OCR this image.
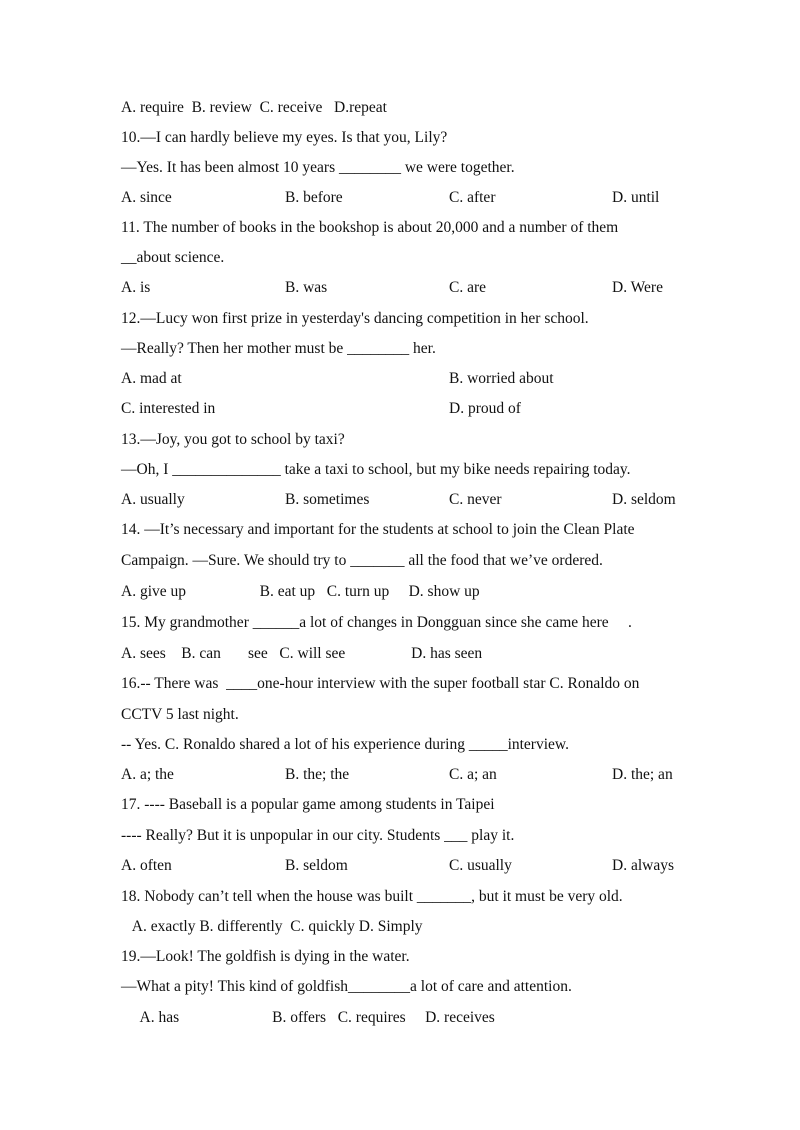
A. require  B. review  C. receive   D.repeat
10.—I can hardly believe my eyes. Is that you, Lily?
—Yes. It has been almost 10 years ________ we were together.
A. since	B. before	C. after	D. until
11. The number of books in the bookshop is about 20,000 and a number of them
__about science.
A. is	B. was	C. are	D. Were
12.—Lucy won first prize in yesterday's dancing competition in her school.
—Really? Then her mother must be ________ her.
A. mad at	B. worried about
C. interested in	D. proud of
13.—Joy, you got to school by taxi?
—Oh, I ______________ take a taxi to school, but my bike needs repairing today.
A. usually	B. sometimes	C. never	D. seldom
14. —It’s necessary and important for the students at school to join the Clean Plate
Campaign. —Sure. We should try to _______ all the food that we’ve ordered.
A. give up                   B. eat up   C. turn up     D. show up
15. My grandmother ______a lot of changes in Dongguan since she came here     .
A. sees    B. can       see   C. will see                 D. has seen
16.-- There was  ____one-hour interview with the super football star C. Ronaldo on
CCTV 5 last night.
-- Yes. C. Ronaldo shared a lot of his experience during _____interview.
A. a; the	B. the; the	C. a; an	D. the; an
17. ---- Baseball is a popular game among students in Taipei
---- Really? But it is unpopular in our city. Students ___ play it.
A. often	B. seldom	C. usually	D. always
18. Nobody can’t tell when the house was built _______, but it must be very old.
A. exactly B. differently  C. quickly D. Simply
19.—Look! The goldfish is dying in the water.
—What a pity! This kind of goldfish________a lot of care and attention.
A. has                        B. offers   C. requires     D. receives
